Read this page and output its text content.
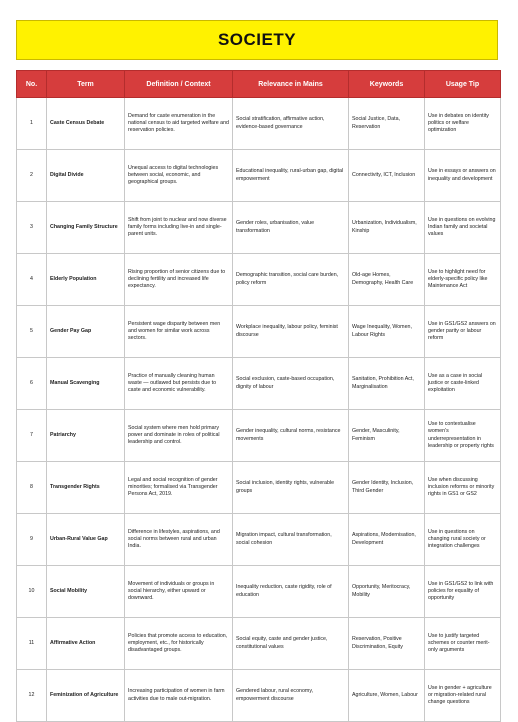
SOCIETY
No.	Term	Definition / Context	Relevance in Mains	Keywords	Usage Tip
1	Caste Census Debate	Demand for caste enumeration in the national census to aid targeted welfare and reservation policies.	Social stratification, affirmative action, evidence-based governance	Social Justice, Data, Reservation	Use in debates on identity politics or welfare optimization
2	Digital Divide	Unequal access to digital technologies between social, economic, and geographical groups.	Educational inequality, rural-urban gap, digital empowerment	Connectivity, ICT, Inclusion	Use in essays or answers on inequality and development
3	Changing Family Structure	Shift from joint to nuclear and now diverse family forms including live-in and single-parent units.	Gender roles, urbanisation, value transformation	Urbanization, Individualism, Kinship	Use in questions on evolving Indian family and societal values
4	Elderly Population	Rising proportion of senior citizens due to declining fertility and increased life expectancy.	Demographic transition, social care burden, policy reform	Old-age Homes, Demography, Health Care	Use to highlight need for elderly-specific policy like Maintenance Act
5	Gender Pay Gap	Persistent wage disparity between men and women for similar work across sectors.	Workplace inequality, labour policy, feminist discourse	Wage Inequality, Women, Labour Rights	Use in GS1/GS2 answers on gender parity or labour reform
6	Manual Scavenging	Practice of manually cleaning human waste — outlawed but persists due to caste and economic vulnerability.	Social exclusion, caste-based occupation, dignity of labour	Sanitation, Prohibition Act, Marginalisation	Use as a case in social justice or caste-linked exploitation
7	Patriarchy	Social system where men hold primary power and dominate in roles of political leadership and control.	Gender inequality, cultural norms, resistance movements	Gender, Masculinity, Feminism	Use to contextualise women's underrepresentation in leadership or property rights
8	Transgender Rights	Legal and social recognition of gender minorities; formalised via Transgender Persons Act, 2019.	Social inclusion, identity rights, vulnerable groups	Gender Identity, Inclusion, Third Gender	Use when discussing inclusion reforms or minority rights in GS1 or GS2
9	Urban-Rural Value Gap	Difference in lifestyles, aspirations, and social norms between rural and urban India.	Migration impact, cultural transformation, social cohesion	Aspirations, Modernisation, Development	Use in questions on changing rural society or integration challenges
10	Social Mobility	Movement of individuals or groups in social hierarchy, either upward or downward.	Inequality reduction, caste rigidity, role of education	Opportunity, Meritocracy, Mobility	Use in GS1/GS2 to link with policies for equality of opportunity
11	Affirmative Action	Policies that promote access to education, employment, etc., for historically disadvantaged groups.	Social equity, caste and gender justice, constitutional values	Reservation, Positive Discrimination, Equity	Use to justify targeted schemes or counter merit-only arguments
12	Feminization of Agriculture	Increasing participation of women in farm activities due to male out-migration.	Gendered labour, rural economy, empowerment discourse	Agriculture, Women, Labour	Use in gender + agriculture or migration-related rural change questions
